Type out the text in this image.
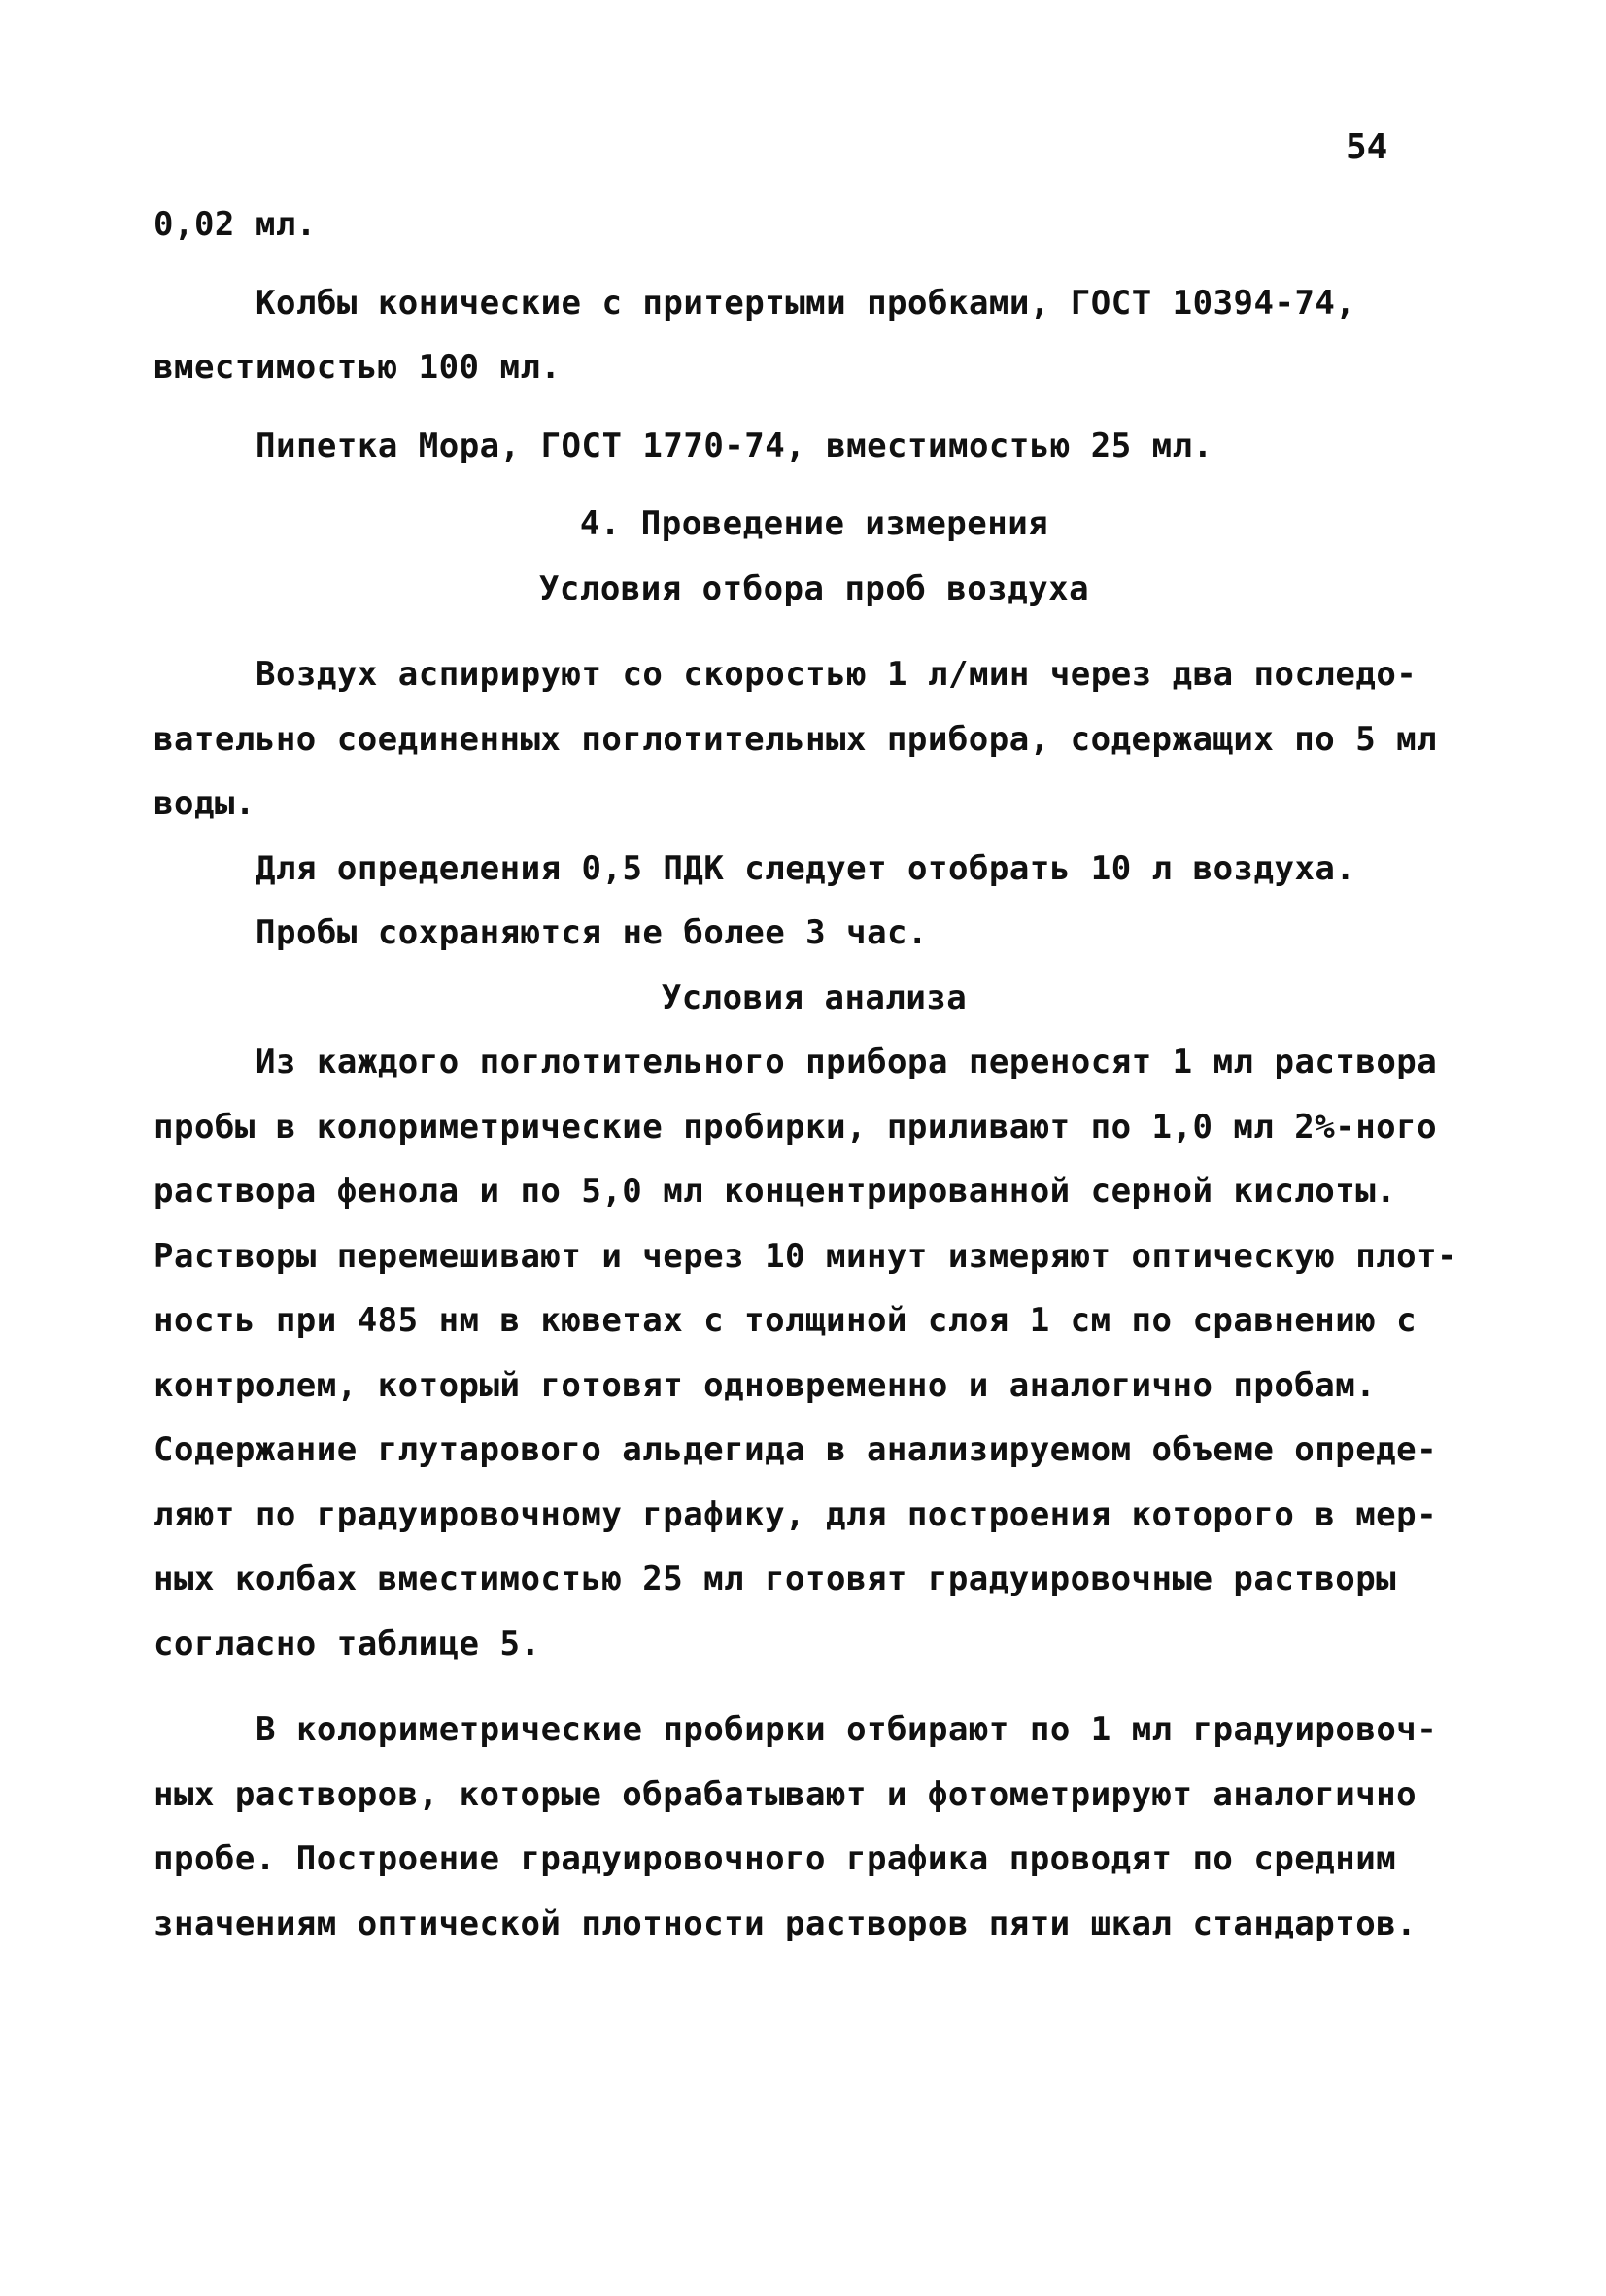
54
0,02 мл.
Колбы конические с притертыми пробками, ГОСТ 10394-74,
вместимостью 100 мл.
Пипетка Мора, ГОСТ 1770-74, вместимостью 25 мл.
4. Проведение измерения
Условия отбора проб воздуха
Воздух аспирируют со скоростью 1 л/мин через два последо-
вательно соединенных поглотительных прибора, содержащих по 5 мл
воды.
Для определения 0,5 ПДК следует отобрать 10 л воздуха.
Пробы сохраняются не более 3 час.
Условия анализа
Из каждого поглотительного прибора переносят 1 мл раствора
пробы в колориметрические пробирки, приливают по 1,0 мл 2%-ного
раствора фенола и по 5,0 мл концентрированной серной кислоты.
Растворы перемешивают и через 10 минут измеряют оптическую плот-
ность при 485 нм в кюветах с толщиной слоя 1 см по сравнению с
контролем, который готовят одновременно и аналогично пробам.
Содержание глутарового альдегида в анализируемом объеме опреде-
ляют по градуировочному графику, для построения которого в мер-
ных колбах вместимостью 25 мл готовят градуировочные растворы
согласно таблице 5.
В колориметрические пробирки отбирают по 1 мл градуировоч-
ных растворов, которые обрабатывают и фотометрируют аналогично
пробе. Построение градуировочного графика проводят по средним
значениям оптической плотности растворов пяти шкал стандартов.
